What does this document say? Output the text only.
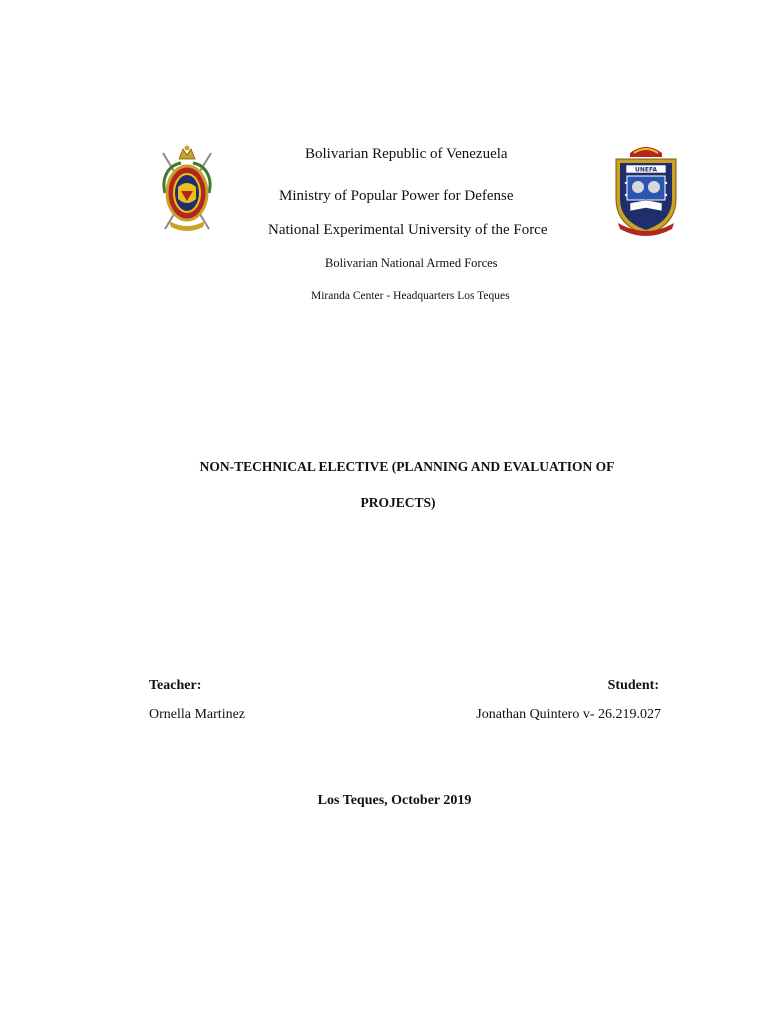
UNEFA
Bolivarian Republic of Venezuela
Ministry of Popular Power for Defense
National Experimental University of the Force
Bolivarian National Armed Forces
Miranda Center - Headquarters Los Teques
NON-TECHNICAL ELECTIVE (PLANNING AND EVALUATION OF
PROJECTS)
Teacher:
Ornella Martinez
Student:
Jonathan Quintero v- 26.219.027
Los Teques, October 2019
